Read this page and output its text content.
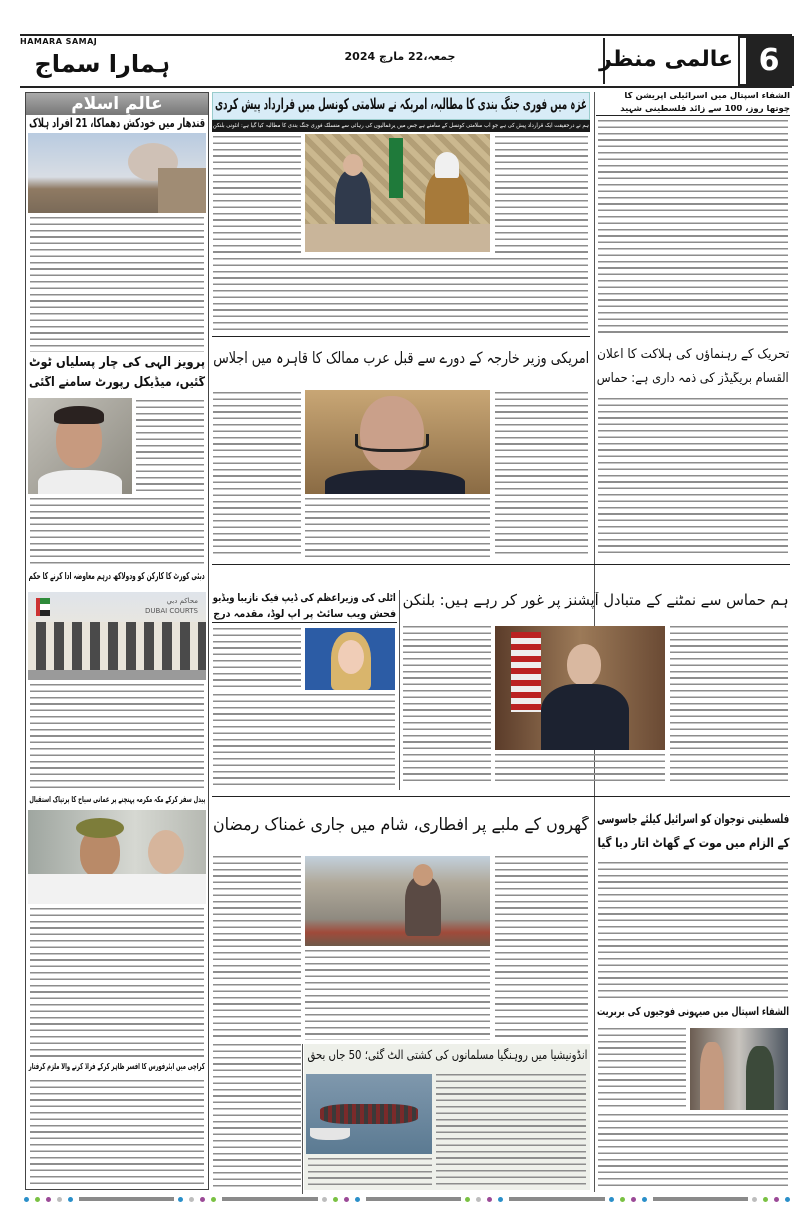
HAMARA SAMAJ
ہمارا سماج	جمعہ،22 مارچ 2024	عالمی منظر 6
عالمِ اسلام
قندھار میں خودکش دھماکا، 21 افراد ہلاک
پرویز الٰہی کی چار پسلیاں ٹوٹ
گئیں، میڈیکل رپورٹ سامنے آگئی
دبئی کورٹ کا کارکن کو ودولاکھ درہم معاوضہ ادا کرنے کا حکم
محاكم دبي
DUBAI COURTS
پیدل سفر کرکے مکہ مکرمہ پہنچنے پر عمانی سیاح کا پرتپاک استقبال
کراچی میں ایئرفورس کا افسر ظاہر کرکے فراڈ کرنے والا ملزم گرفتار
غزہ میں فوری جنگ بندی کا مطالبہ، امریکہ نے سلامتی کونسل میں قرارداد پیش کردی
ہم نے درحقیقت ایک قرارداد پیش کی ہے جو اب سلامتی کونسل کے سامنے ہے جس میں یرغمالیوں کی رہائی سے منسلک فوری جنگ بندی کا مطالبہ کیا گیا ہے: انٹونی بلنکن
الشفاء اسپتال میں اسرائیلی آپریشن کا
چوتھا روز، 100 سے زائد فلسطینی شہید
تحریک کے رہنماؤں کی ہلاکت کا اعلان
القسام بریگیڈز کی ذمہ داری ہے: حماس
امریکی وزیر خارجہ کے دورے سے قبل عرب ممالک کا قاہرہ میں اجلاس
اٹلی کی وزیراعظم کی ڈیپ فیک نازیبا ویڈیو
فحش ویب سائٹ پر اپ لوڈ، مقدمہ درج
ہم حماس سے نمٹنے کے متبادل آپشنز پر غور کر رہے ہیں: بلنکن
گھروں کے ملبے پر افطاری، شام میں جاری غمناک رمضان
انڈونیشیا میں روہنگیا مسلمانوں کی کشتی الٹ گئی؛ 50 جاں بحق
فلسطینی نوجوان کو اسرائیل کیلئے جاسوسی
کے الزام میں موت کے گھاٹ اتار دیا گیا
الشفاء اسپتال میں صیہونی فوجیوں کی بربریت
